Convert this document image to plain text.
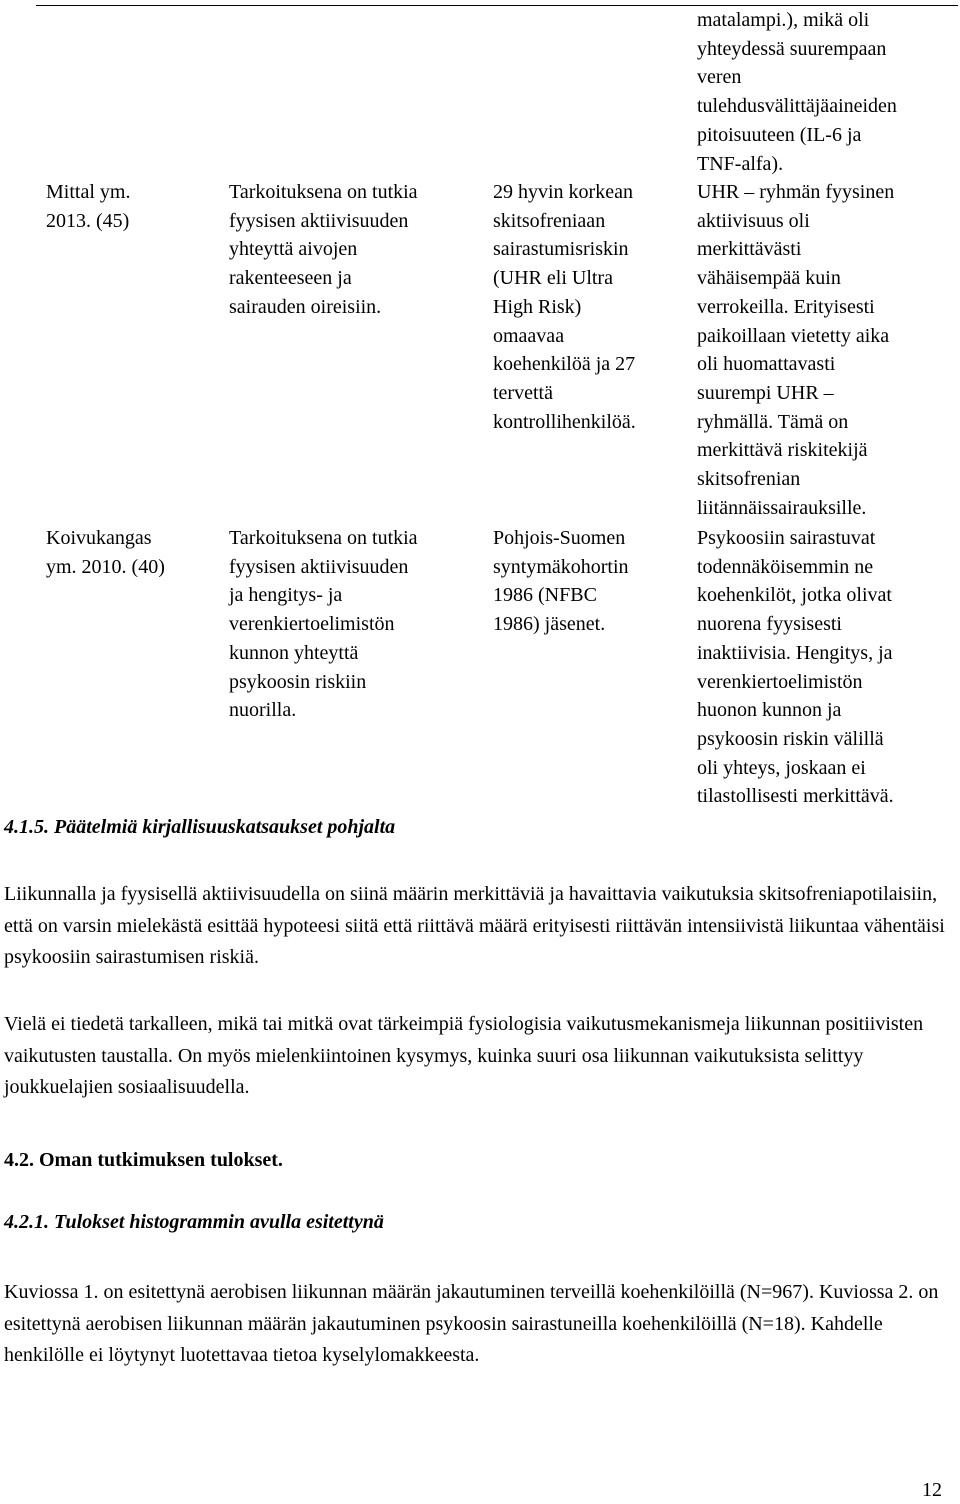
matalampi.), mikä oli
yhteydessä suurempaan
veren
tulehdusvälittäjäaineiden
pitoisuuteen (IL-6 ja
TNF-alfa).
Mittal ym.
2013. (45)
Tarkoituksena on tutkia
fyysisen aktiivisuuden
yhteyttä aivojen
rakenteeseen ja
sairauden oireisiin.
29 hyvin korkean
skitsofreniaan
sairastumisriskin
(UHR eli Ultra
High Risk)
omaavaa
koehenkilöä ja 27
tervettä
kontrollihenkilöä.
UHR – ryhmän fyysinen
aktiivisuus oli
merkittävästi
vähäisempää kuin
verrokeilla. Erityisesti
paikoillaan vietetty aika
oli huomattavasti
suurempi UHR –
ryhmällä. Tämä on
merkittävä riskitekijä
skitsofrenian
liitännäissairauksille.
Koivukangas
ym. 2010. (40)
Tarkoituksena on tutkia
fyysisen aktiivisuuden
ja hengitys- ja
verenkiertoelimistön
kunnon yhteyttä
psykoosin riskiin
nuorilla.
Pohjois-Suomen
syntymäkohortin
1986 (NFBC
1986) jäsenet.
Psykoosiin sairastuvat
todennäköisemmin ne
koehenkilöt, jotka olivat
nuorena fyysisesti
inaktiivisia. Hengitys, ja
verenkiertoelimistön
huonon kunnon ja
psykoosin riskin välillä
oli yhteys, joskaan ei
tilastollisesti merkittävä.
4.1.5. Päätelmiä kirjallisuuskatsaukset pohjalta
Liikunnalla ja fyysisellä aktiivisuudella on siinä määrin merkittäviä ja havaittavia vaikutuksia skitsofreniapotilaisiin, että on varsin mielekästä esittää hypoteesi siitä että riittävä määrä erityisesti riittävän intensiivistä liikuntaa vähentäisi psykoosiin sairastumisen riskiä.
Vielä ei tiedetä tarkalleen, mikä tai mitkä ovat tärkeimpiä fysiologisia vaikutusmekanismeja liikunnan positiivisten vaikutusten taustalla. On myös mielenkiintoinen kysymys, kuinka suuri osa liikunnan vaikutuksista selittyy joukkuelajien sosiaalisuudella.
4.2. Oman tutkimuksen tulokset.
4.2.1. Tulokset histogrammin avulla esitettynä
Kuviossa 1. on esitettynä aerobisen liikunnan määrän jakautuminen terveillä koehenkilöillä (N=967). Kuviossa 2. on esitettynä aerobisen liikunnan määrän jakautuminen psykoosin sairastuneilla koehenkilöillä (N=18). Kahdelle henkilölle ei löytynyt luotettavaa tietoa kyselylomakkeesta.
12
